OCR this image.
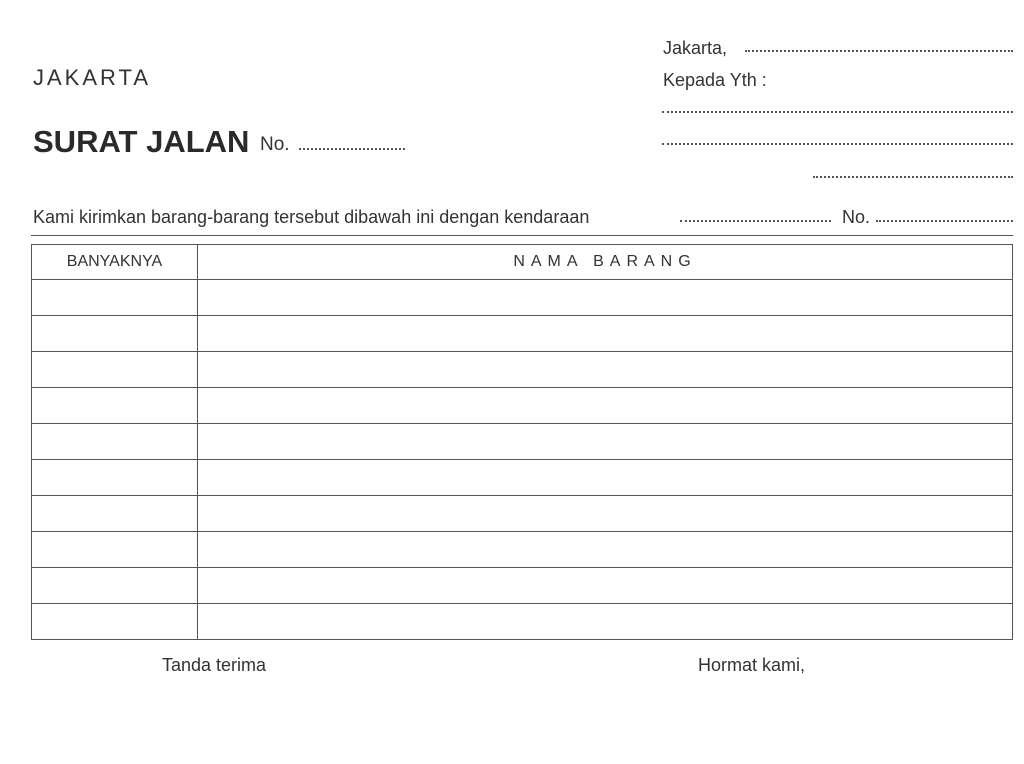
JAKARTA
SURAT JALAN No.
Jakarta,
Kepada Yth :
Kami kirimkan barang-barang tersebut dibawah ini dengan kendaraan	No.
BANYAKNYA	NAMA BARANG

Tanda terima	Hormat kami,
